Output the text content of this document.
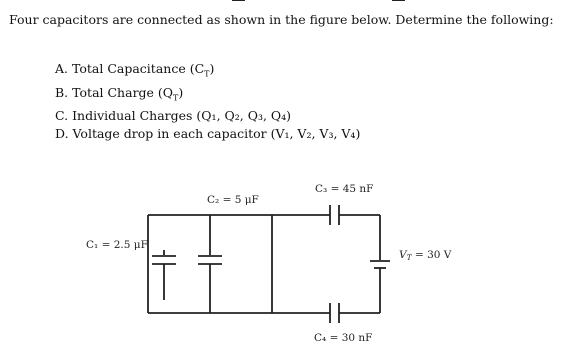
Four capacitors are connected as shown in the figure below. Determine the following:

A. Total Capacitance $(C_T)$
B. Total Charge $(Q_T)$
C. Individual Charges (Q₁, Q₂, Q₃, Q₄)
D. Voltage drop in each capacitor (V₁, V₂, V₃, V₄)
C₁ = 2.5 μF
C₂ = 5 μF
C₃ = 45 nF
C₄ = 30 nF
VT = 30 V
